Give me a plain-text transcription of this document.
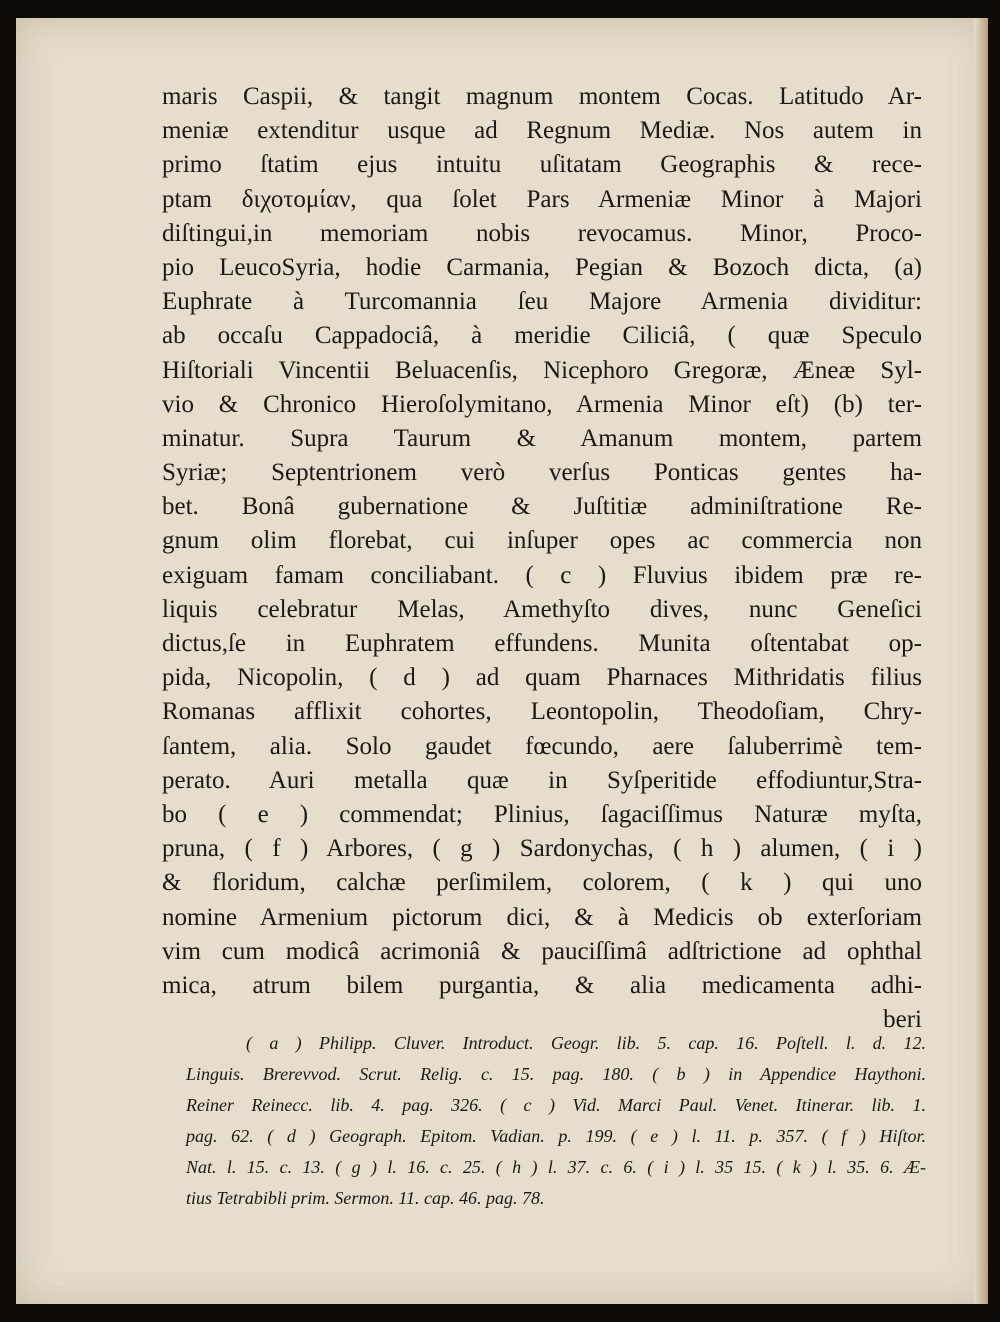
maris Caspii, & tangit magnum montem Cocas. Latitudo Ar-
meniæ extenditur usque ad Regnum Mediæ. Nos autem in
primo ſtatim ejus intuitu uſitatam Geographis & rece-
ptam διχοτομίαν, qua ſolet Pars Armeniæ Minor à Majori
diſtingui,in memoriam nobis revocamus. Minor, Proco-
pio LeucoSyria, hodie Carmania, Pegian & Bozoch dicta, (a)
Euphrate à Turcomannia ſeu Majore Armenia dividitur:
ab occaſu Cappadociâ, à meridie Ciliciâ, ( quæ Speculo
Hiſtoriali Vincentii Beluacenſis, Nicephoro Gregoræ, Æneæ Syl-
vio & Chronico Hieroſolymitano, Armenia Minor eſt) (b) ter-
minatur. Supra Taurum & Amanum montem, partem
Syriæ; Septentrionem verò verſus Ponticas gentes ha-
bet. Bonâ gubernatione & Juſtitiæ adminiſtratione Re-
gnum olim florebat, cui inſuper opes ac commercia non
exiguam famam conciliabant. ( c ) Fluvius ibidem præ re-
liquis celebratur Melas, Amethyſto dives, nunc Geneſici
dictus,ſe in Euphratem effundens. Munita oſtentabat op-
pida, Nicopolin, ( d ) ad quam Pharnaces Mithridatis filius
Romanas afflixit cohortes, Leontopolin, Theodoſiam, Chry-
ſantem, alia. Solo gaudet fœcundo, aere ſaluberrimè tem-
perato. Auri metalla quæ in Syſperitide effodiuntur,Stra-
bo ( e ) commendat; Plinius, ſagaciſſimus Naturæ myſta,
pruna, ( f ) Arbores, ( g ) Sardonychas, ( h ) alumen, ( i )
& floridum, calchæ perſimilem, colorem, ( k ) qui uno
nomine Armenium pictorum dici, & à Medicis ob exterſoriam
vim cum modicâ acrimoniâ & pauciſſimâ adſtrictione ad ophthal
mica, atrum bilem purgantia, & alia medicamenta adhi-
beri
( a ) Philipp. Cluver. Introduct. Geogr. lib. 5. cap. 16. Poſtell. l. d. 12.
Linguis. Brerevvod. Scrut. Relig. c. 15. pag. 180. ( b ) in Appendice Haythoni.
Reiner Reinecc. lib. 4. pag. 326. ( c ) Vid. Marci Paul. Venet. Itinerar. lib. 1.
pag. 62. ( d ) Geograph. Epitom. Vadian. p. 199. ( e ) l. 11. p. 357. ( f ) Hiſtor.
Nat. l. 15. c. 13. ( g ) l. 16. c. 25. ( h ) l. 37. c. 6. ( i ) l. 35 15. ( k ) l. 35. 6. Æ-
tius Tetrabibli prim. Sermon. 11. cap. 46. pag. 78.
